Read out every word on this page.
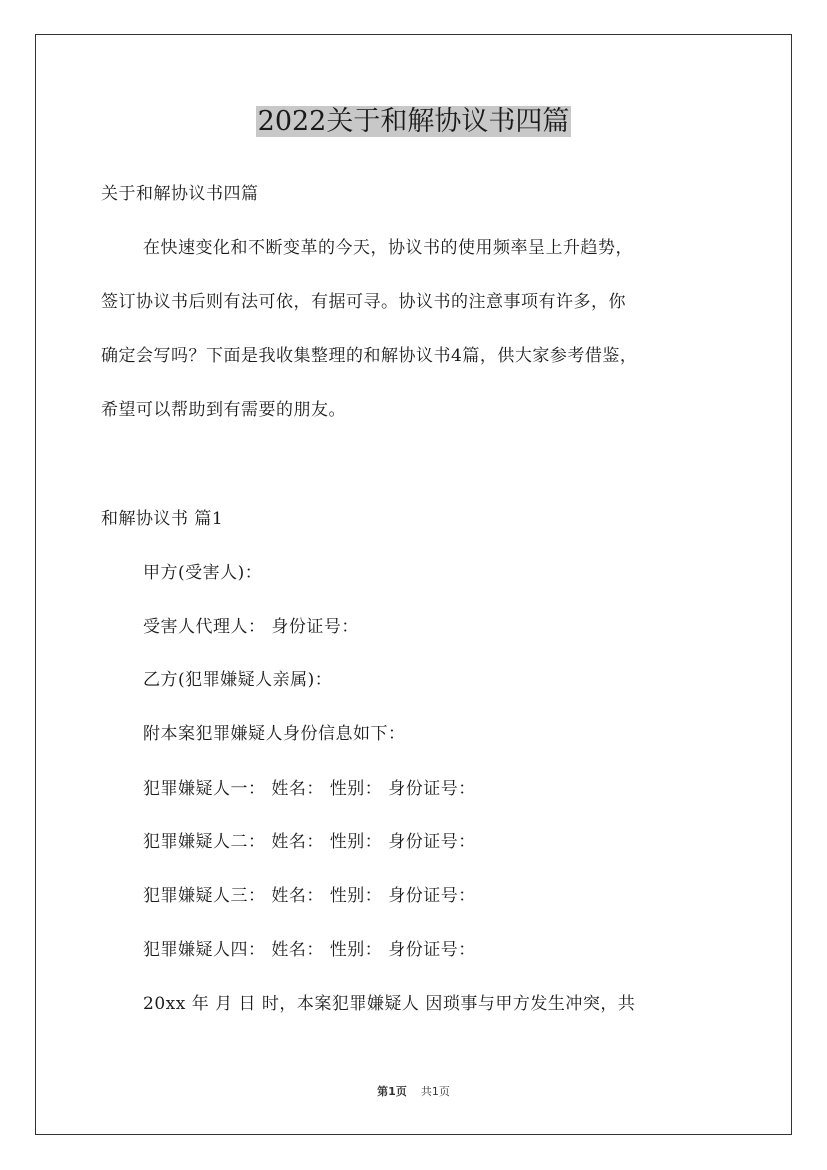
2022关于和解协议书四篇

关于和解协议书四篇

在快速变化和不断变革的今天，协议书的使用频率呈上升趋势，

签订协议书后则有法可依，有据可寻。协议书的注意事项有许多，你

确定会写吗？下面是我收集整理的和解协议书4篇，供大家参考借鉴，

希望可以帮助到有需要的朋友。

和解协议书 篇1

甲方(受害人)：

受害人代理人： 身份证号：

乙方(犯罪嫌疑人亲属)：

附本案犯罪嫌疑人身份信息如下：

犯罪嫌疑人一： 姓名： 性别： 身份证号：

犯罪嫌疑人二： 姓名： 性别： 身份证号：

犯罪嫌疑人三： 姓名： 性别： 身份证号：

犯罪嫌疑人四： 姓名： 性别： 身份证号：

20xx 年 月 日 时，本案犯罪嫌疑人 因琐事与甲方发生冲突，共

第1页 共1页
